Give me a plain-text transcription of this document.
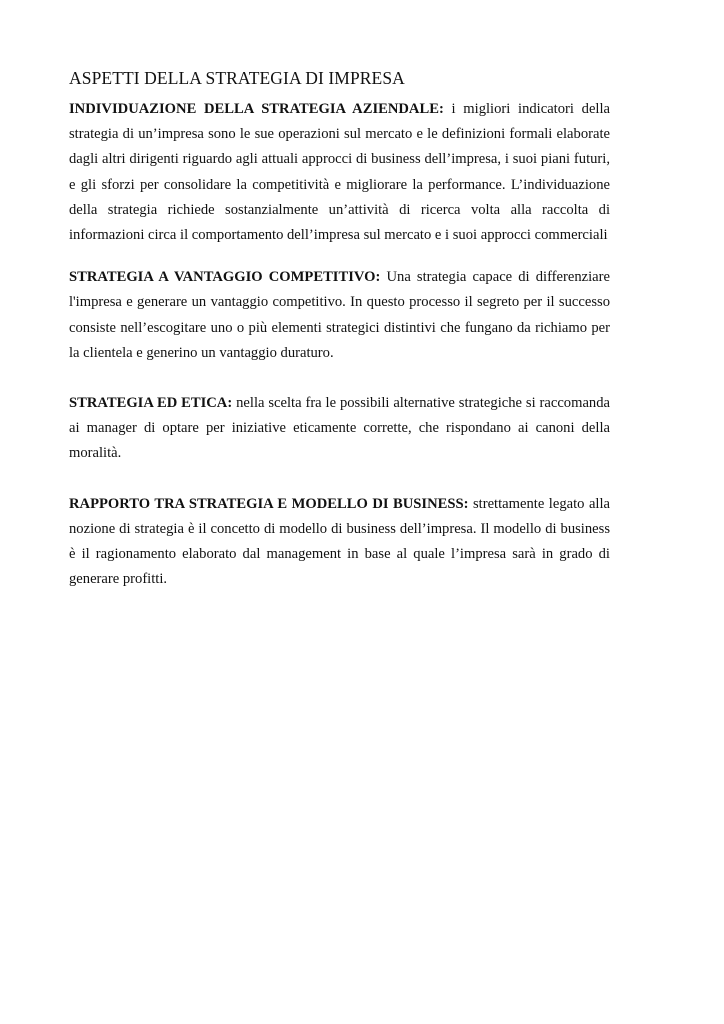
ASPETTI DELLA STRATEGIA DI IMPRESA

INDIVIDUAZIONE DELLA STRATEGIA AZIENDALE: i migliori indicatori della strategia di un’impresa sono le sue operazioni sul mercato e le definizioni formali elaborate dagli altri dirigenti riguardo agli attuali approcci di business dell’impresa, i suoi piani futuri, e gli sforzi per consolidare la competitività e migliorare la performance. L’individuazione della strategia richiede sostanzialmente un’attività di ricerca volta alla raccolta di informazioni circa il comportamento dell’impresa sul mercato e i suoi approcci commerciali

STRATEGIA A VANTAGGIO COMPETITIVO: Una strategia capace di differenziare l'impresa e generare un vantaggio competitivo. In questo processo il segreto per il successo consiste nell’escogitare uno o più elementi strategici distintivi che fungano da richiamo per la clientela e generino un vantaggio duraturo.

STRATEGIA ED ETICA: nella scelta fra le possibili alternative strategiche si raccomanda ai manager di optare per iniziative eticamente corrette, che rispondano ai canoni della moralità.

RAPPORTO TRA STRATEGIA E MODELLO DI BUSINESS: strettamente legato alla nozione di strategia è il concetto di modello di business dell’impresa. Il modello di business è il ragionamento elaborato dal management in base al quale l’impresa sarà in grado di generare profitti.
